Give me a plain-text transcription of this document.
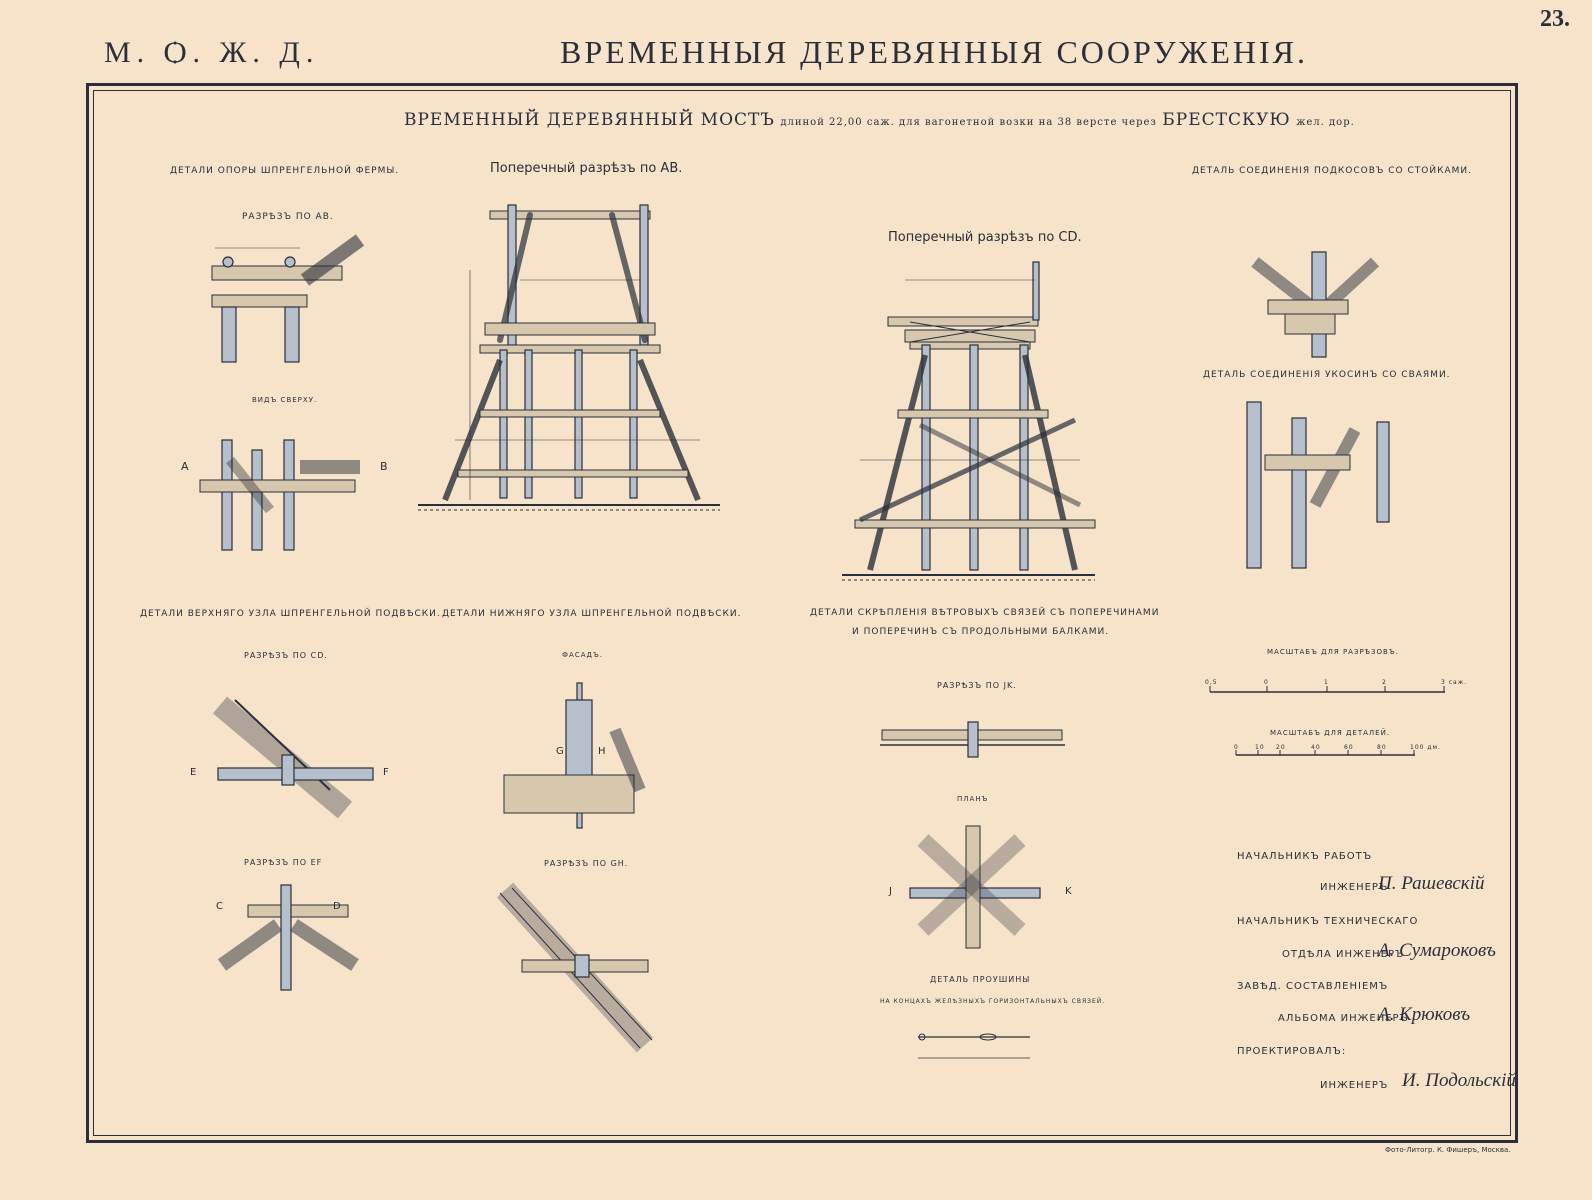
23.
М. Ѻ. Ж. Д.	ВРЕМЕННЫЯ ДЕРЕВЯННЫЯ СООРУЖЕНІЯ.
ВРЕМЕННЫЙ ДЕРЕВЯННЫЙ МОСТЪ длиной 22,00 саж. для вагонетной возки на 38 версте через БРЕСТСКУЮ жел. дор.
ДЕТАЛИ ОПОРЫ ШПРЕНГЕЛЬНОЙ ФЕРМЫ.
РАЗРѢЗЪ ПО АВ.
ВИДЪ СВЕРХУ.
A	B
Поперечный разрѣзъ по АВ.
Поперечный разрѣзъ по CD.
ДЕТАЛЬ СОЕДИНЕНІЯ ПОДКОСОВЪ СО СТОЙКАМИ.
ДЕТАЛЬ СОЕДИНЕНІЯ УКОСИНЪ СО СВАЯМИ.
ДЕТАЛИ ВЕРХНЯГО УЗЛА ШПРЕНГЕЛЬНОЙ ПОДВѢСКИ. ДЕТАЛИ НИЖНЯГО УЗЛА ШПРЕНГЕЛЬНОЙ ПОДВѢСКИ.	ДЕТАЛИ СКРѢПЛЕНІЯ ВѢТРОВЫХЪ СВЯЗЕЙ СЪ ПОПЕРЕЧИНАМИ
И ПОПЕРЕЧИНЪ СЪ ПРОДОЛЬНЫМИ БАЛКАМИ.
РАЗРѢЗЪ ПО CD.
E	F
РАЗРѢЗЪ ПО EF
C	D
ФАСАДЪ.
G	H
РАЗРѢЗЪ ПО GH.
РАЗРѢЗЪ ПО JK.
ПЛАНЪ
J	K
ДЕТАЛЬ ПРОУШИНЫ
НА КОНЦАХЪ ЖЕЛѢЗНЫХЪ ГОРИЗОНТАЛЬНЫХЪ СВЯЗЕЙ.
МАСШТАБЪ ДЛЯ РАЗРѢЗОВЪ.
МАСШТАБЪ ДЛЯ ДЕТАЛЕЙ.
0,5	0	1	2	3 саж.
0	10 20	40	60	80	100 дм.
НАЧАЛЬНИКЪ РАБОТЪ
ИНЖЕНЕРЪ
П. Рашевскій
НАЧАЛЬНИКЪ ТЕХНИЧЕСКАГО
ОТДѢЛА ИНЖЕНЕРЪ
А. Сумароковъ
ЗАВѢД. СОСТАВЛЕНІЕМЪ
АЛЬБОМА ИНЖЕНЕРЪ
А. Крюковъ
ПРОЕКТИРОВАЛЪ:
ИНЖЕНЕРЪ И. Подольскій
Фото-Литогр. К. Фишеръ, Москва.
